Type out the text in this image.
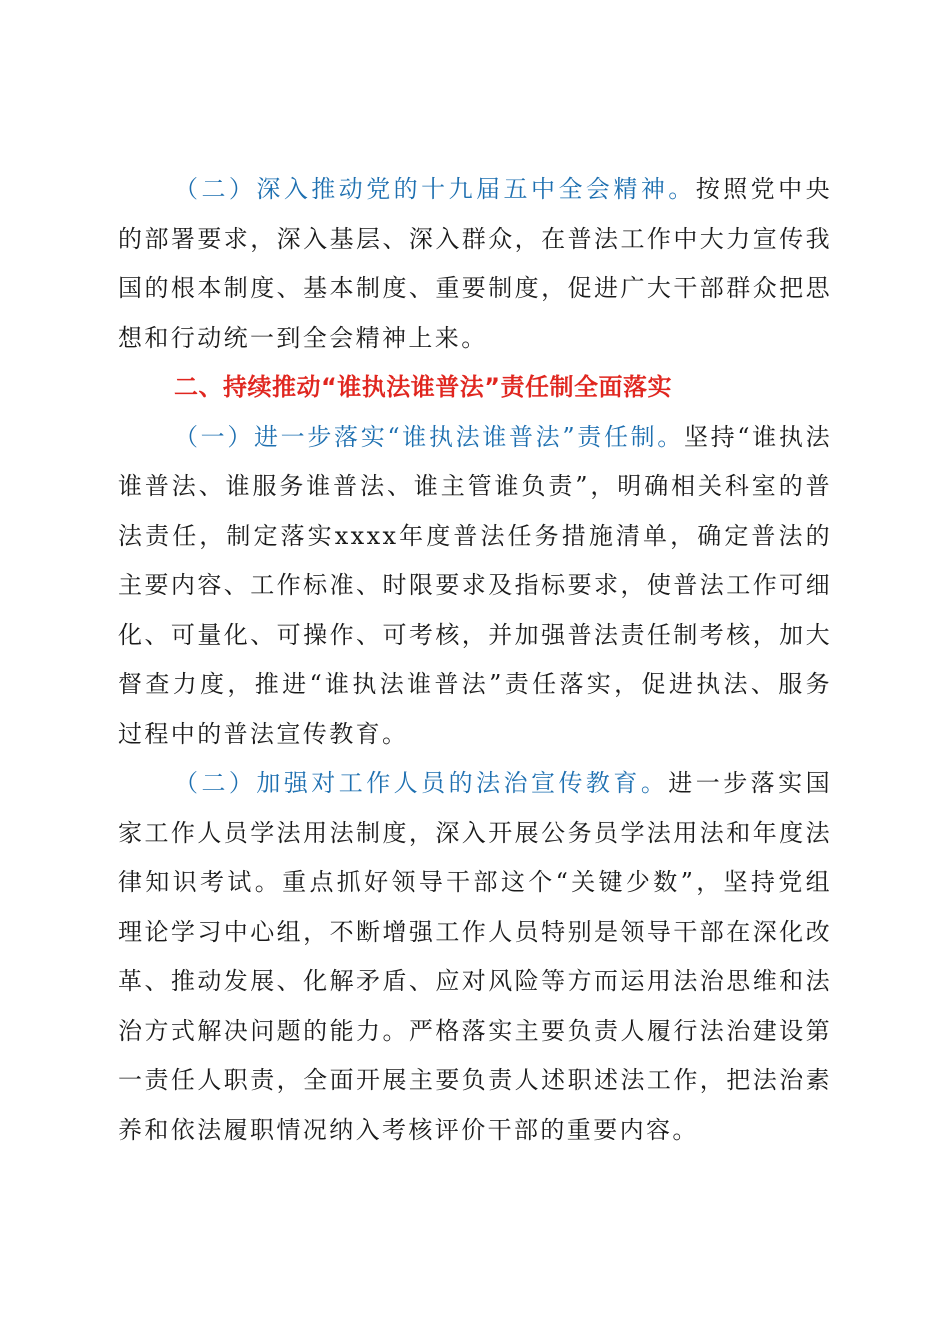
（二）深入推动党的十九届五中全会精神。按照党中央的部署要求，深入基层、深入群众，在普法工作中大力宣传我国的根本制度、基本制度、重要制度，促进广大干部群众把思想和行动统一到全会精神上来。

二、持续推动“谁执法谁普法”责任制全面落实

（一）进一步落实“谁执法谁普法”责任制。坚持“谁执法谁普法、谁服务谁普法、谁主管谁负责”，明确相关科室的普法责任，制定落实xxxx年度普法任务措施清单，确定普法的主要内容、工作标准、时限要求及指标要求，使普法工作可细化、可量化、可操作、可考核，并加强普法责任制考核，加大督查力度，推进“谁执法谁普法”责任落实，促进执法、服务过程中的普法宣传教育。

（二）加强对工作人员的法治宣传教育。进一步落实国家工作人员学法用法制度，深入开展公务员学法用法和年度法律知识考试。重点抓好领导干部这个“关键少数”，坚持党组理论学习中心组，不断增强工作人员特别是领导干部在深化改革、推动发展、化解矛盾、应对风险等方而运用法治思维和法治方式解决问题的能力。严格落实主要负责人履行法治建设第一责任人职责，全面开展主要负责人述职述法工作，把法治素养和依法履职情况纳入考核评价干部的重要内容。
